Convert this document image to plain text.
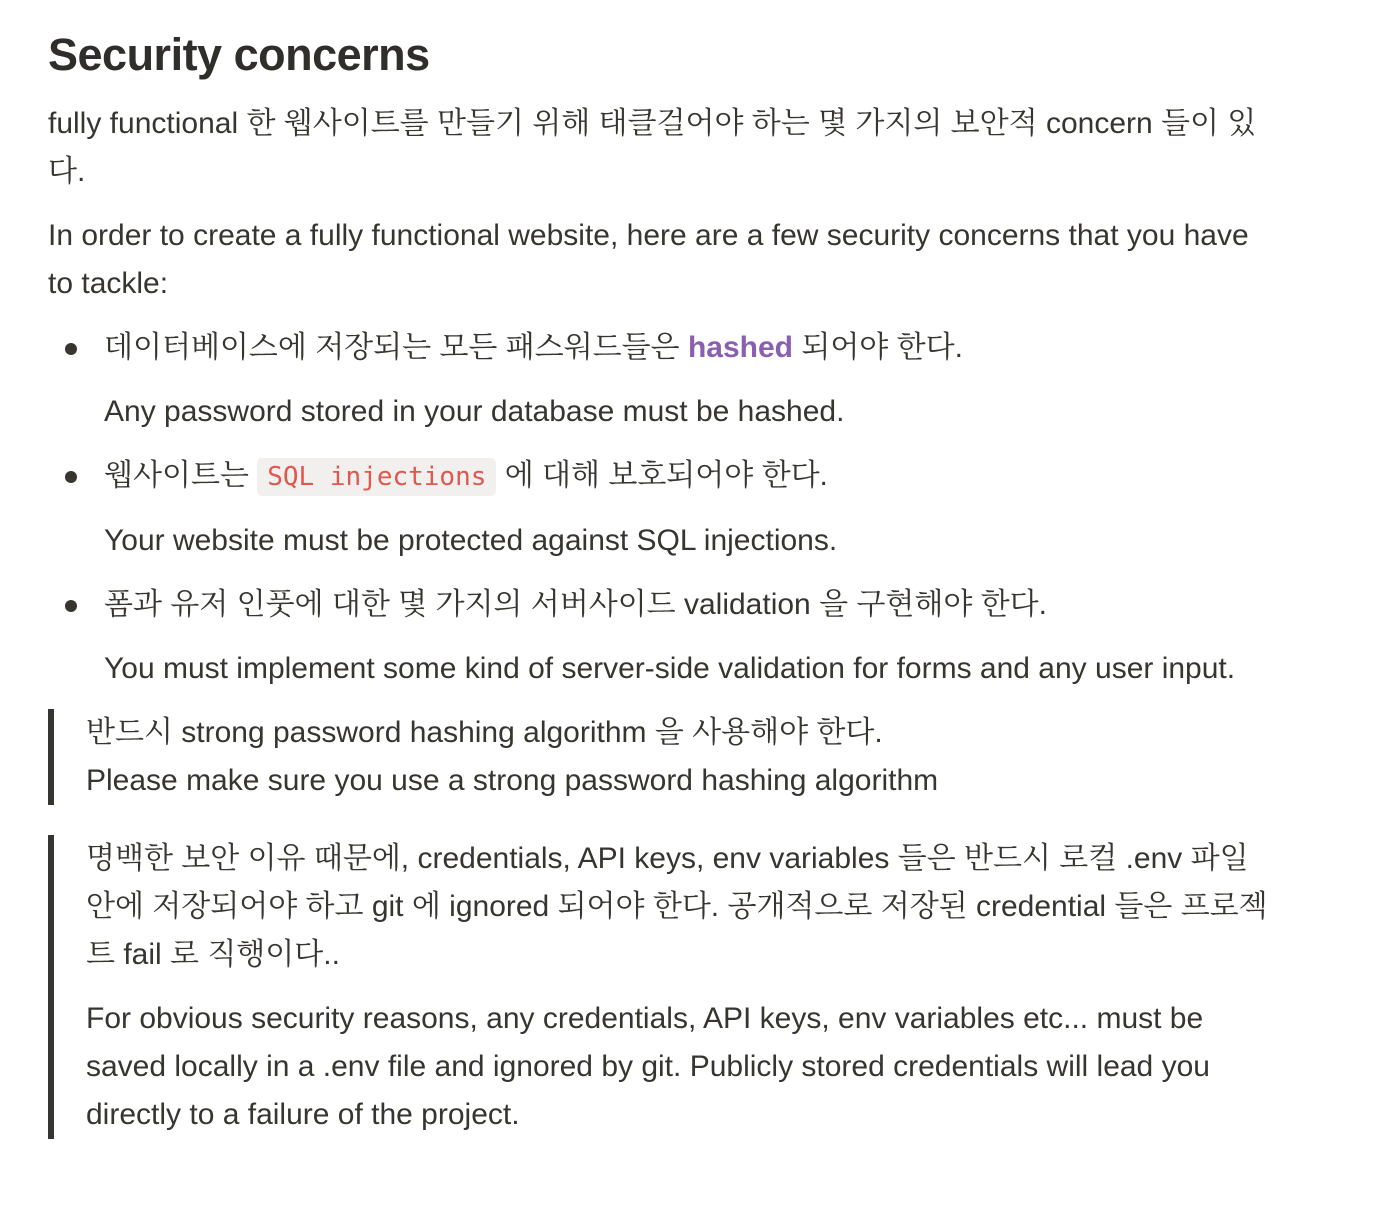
Security concerns

fully functional 한 웹사이트를 만들기 위해 태클걸어야 하는 몇 가지의 보안적 concern 들이 있다.

In order to create a fully functional website, here are a few security concerns that you have to tackle:

데이터베이스에 저장되는 모든 패스워드들은 hashed 되어야 한다.

Any password stored in your database must be hashed.

웹사이트는 SQL injections 에 대해 보호되어야 한다.

Your website must be protected against SQL injections.

폼과 유저 인풋에 대한 몇 가지의 서버사이드 validation 을 구현해야 한다.

You must implement some kind of server-side validation for forms and any user input.

반드시 strong password hashing algorithm 을 사용해야 한다.

Please make sure you use a strong password hashing algorithm

명백한 보안 이유 때문에, credentials, API keys, env variables 들은 반드시 로컬 .env 파일 안에 저장되어야 하고 git 에 ignored 되어야 한다. 공개적으로 저장된 credential 들은 프로젝트 fail 로 직행이다..

For obvious security reasons, any credentials, API keys, env variables etc... must be saved locally in a .env file and ignored by git. Publicly stored credentials will lead you directly to a failure of the project.
